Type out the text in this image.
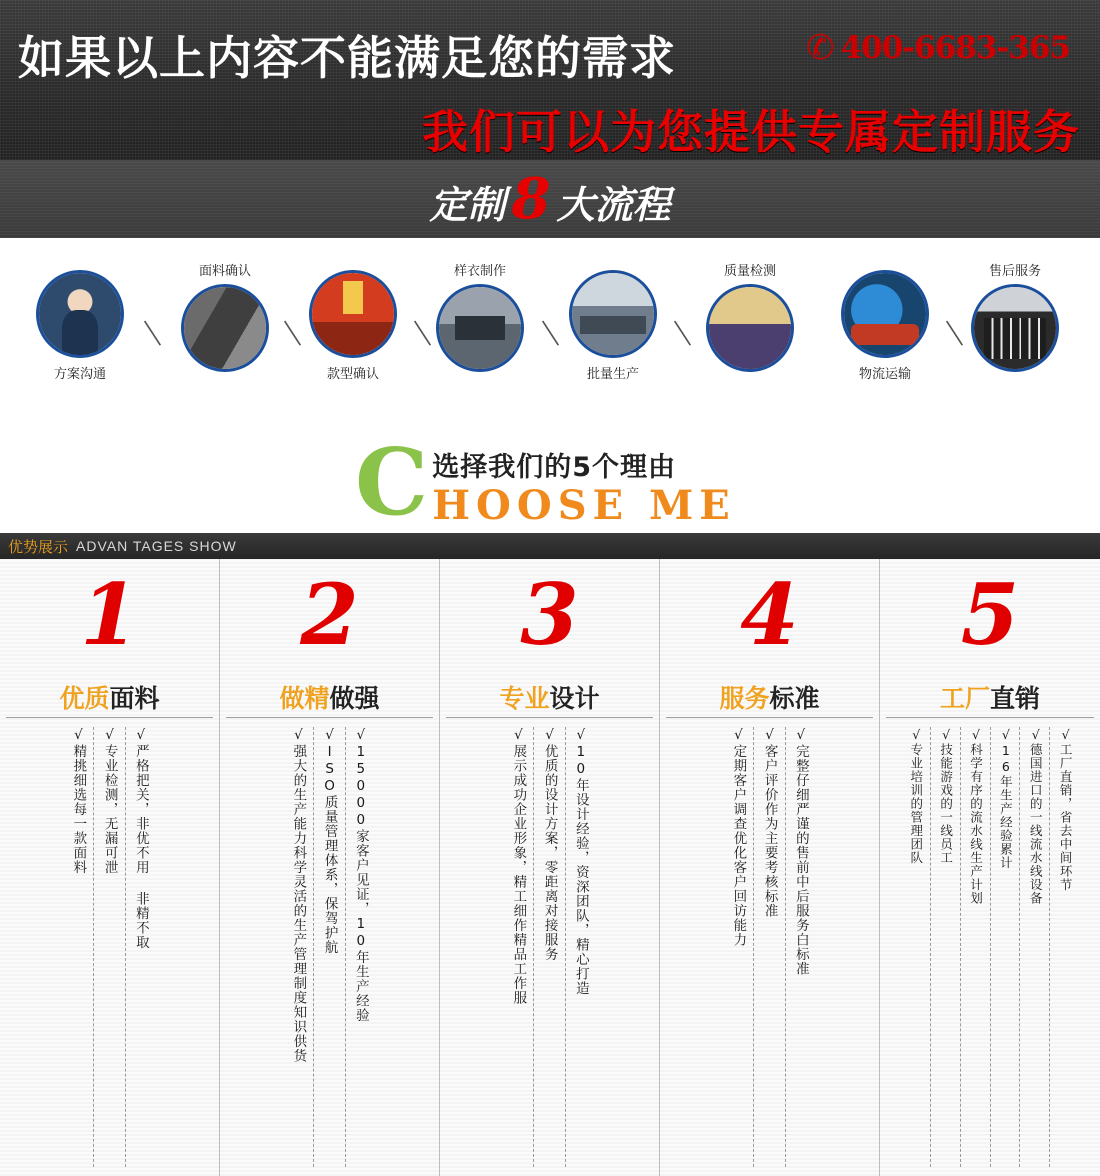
如果以上内容不能满足您的需求	✆ 400-6683-365
我们可以为您提供专属定制服务
定制 8 大流程
方案沟通
＼
面料确认
＼
款型确认
＼
样衣制作
＼
批量生产
＼
质量检测
物流运输
＼
售后服务
C 选择我们的5个理由
HOOSE ME
优势展示 ADVAN TAGES SHOW
1
优质面料
√严格把关，非优不用 非精不取
√专业检测，无漏可泄
√精挑细选每一款面料
2
做精做强
√15000家客户见证，10年生产经验
√ISO质量管理体系，保驾护航
√强大的生产能力科学灵活的生产管理制度知识供货
3
专业设计
√10年设计经验，资深团队，精心打造
√优质的设计方案，零距离对接服务
√展示成功企业形象，精工细作精品工作服
4
服务标准
√完整仔细严谨的售前中后服务白标准
√客户评价作为主要考核标准
√定期客户调查优化客户回访能力
5
工厂直销
√工厂直销，省去中间环节
√德国进口的一线流水线设备
√16年生产经验累计
√科学有序的流水线生产计划
√技能游戏的一线员工
√专业培训的管理团队
